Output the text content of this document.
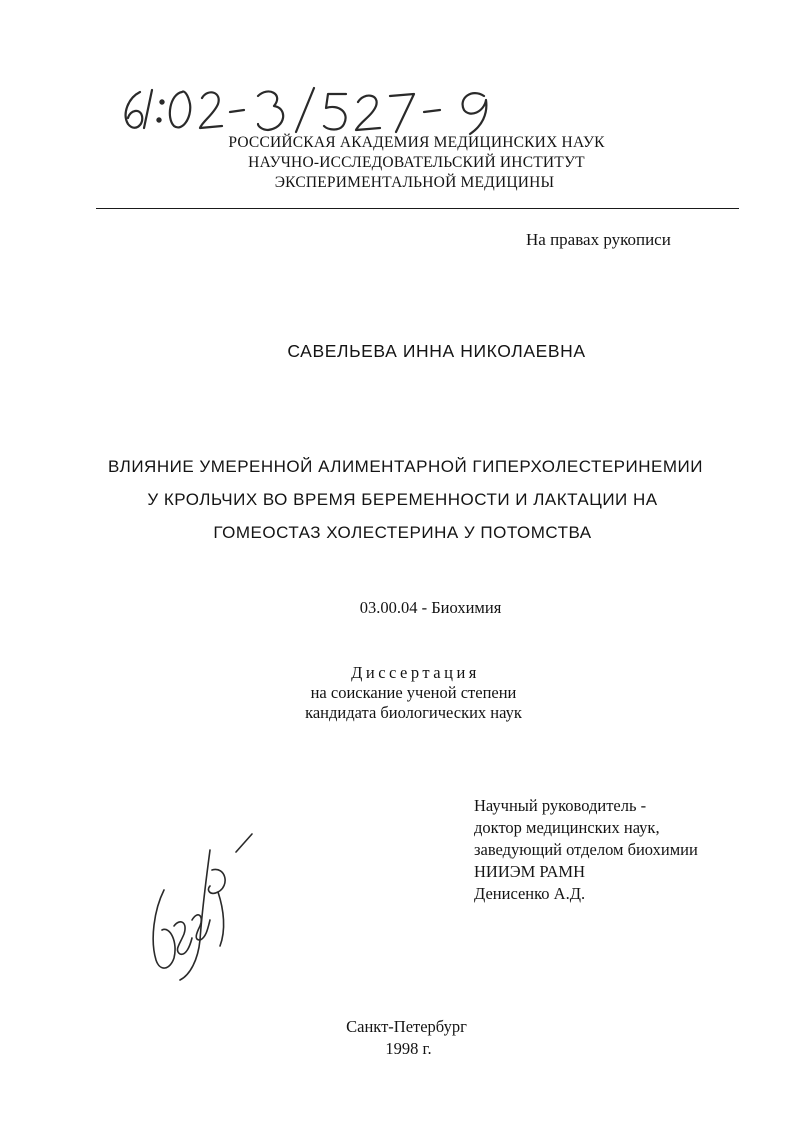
РОССИЙСКАЯ АКАДЕМИЯ МЕДИЦИНСКИХ НАУК
НАУЧНО-ИССЛЕДОВАТЕЛЬСКИЙ ИНСТИТУТ
ЭКСПЕРИМЕНТАЛЬНОЙ МЕДИЦИНЫ
На правах рукописи
САВЕЛЬЕВА ИННА НИКОЛАЕВНА
ВЛИЯНИЕ УМЕРЕННОЙ АЛИМЕНТАРНОЙ ГИПЕРХОЛЕСТЕРИНЕМИИ
У КРОЛЬЧИХ ВО ВРЕМЯ БЕРЕМЕННОСТИ И ЛАКТАЦИИ НА
ГОМЕОСТАЗ ХОЛЕСТЕРИНА У ПОТОМСТВА
03.00.04 - Биохимия
Диссертация
на соискание ученой степени
кандидата биологических наук
Научный руководитель -
доктор медицинских наук,
заведующий отделом биохимии
НИИЭМ РАМН
Денисенко А.Д.
Санкт-Петербург
1998 г.
